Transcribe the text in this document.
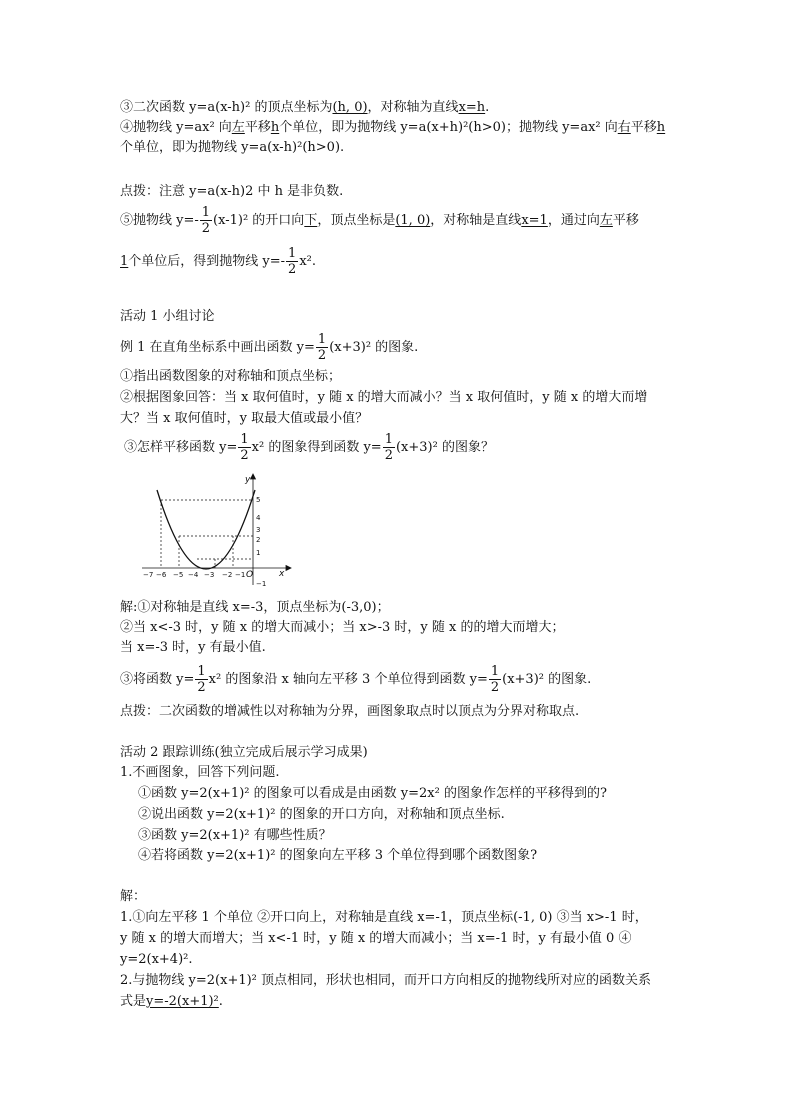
③二次函数 y=a(x-h)² 的顶点坐标为(h, 0)，对称轴为直线x=h.
④抛物线 y=ax² 向左平移h个单位，即为抛物线 y=a(x+h)²(h>0)；抛物线 y=ax² 向右平移h
个单位，即为抛物线 y=a(x-h)²(h>0).
点拨：注意 y=a(x-h)2 中 h 是非负数.
⑤抛物线 $y=- \frac{1}{2} (x-1)^2$ 的开口向下，顶点坐标是(1, 0)，对称轴是直线x=1，通过向左平移
1个单位后，得到抛物线 $y=- \frac{1}{2} x^2$.
活动 1 小组讨论
例 1 在直角坐标系中画出函数 $y= \frac{1}{2} (x+3)^2$ 的图象.
①指出函数图象的对称轴和顶点坐标；
②根据图象回答：当 x 取何值时，y 随 x 的增大而减小？当 x 取何值时，y 随 x 的增大而增
大？当 x 取何值时，y 取最大值或最小值？
③怎样平移函数 $y= \frac{1}{2} x^2$ 的图象得到函数 $y= \frac{1}{2} (x+3)^2$ 的图象？
−7 −6 −5 −4 −3 −2 −1 O	x
y
5
4
3
2
1
−1
解:①对称轴是直线 x=-3，顶点坐标为(-3,0)；
②当 x<-3 时，y 随 x 的增大而减小；当 x>-3 时，y 随 x 的的增大而增大；
当 x=-3 时，y 有最小值.
③将函数 $y= \frac{1}{2} x^2$ 的图象沿 x 轴向左平移 3 个单位得到函数 $y= \frac{1}{2} (x+3)^2$ 的图象.
点拨：二次函数的增减性以对称轴为分界，画图象取点时以顶点为分界对称取点.
活动 2 跟踪训练(独立完成后展示学习成果)
1.不画图象，回答下列问题.
①函数 y=2(x+1)² 的图象可以看成是由函数 y=2x² 的图象作怎样的平移得到的?
②说出函数 y=2(x+1)² 的图象的开口方向，对称轴和顶点坐标.
③函数 y=2(x+1)² 有哪些性质？
④若将函数 y=2(x+1)² 的图象向左平移 3 个单位得到哪个函数图象?
解：
1.①向左平移 1 个单位 ②开口向上，对称轴是直线 x=-1，顶点坐标(-1, 0) ③当 x>-1 时，
y 随 x 的增大而增大；当 x<-1 时，y 随 x 的增大而减小；当 x=-1 时，y 有最小值 0 ④
y=2(x+4)².
2.与抛物线 y=2(x+1)² 顶点相同，形状也相同，而开口方向相反的抛物线所对应的函数关系
式是y=-2(x+1)².
